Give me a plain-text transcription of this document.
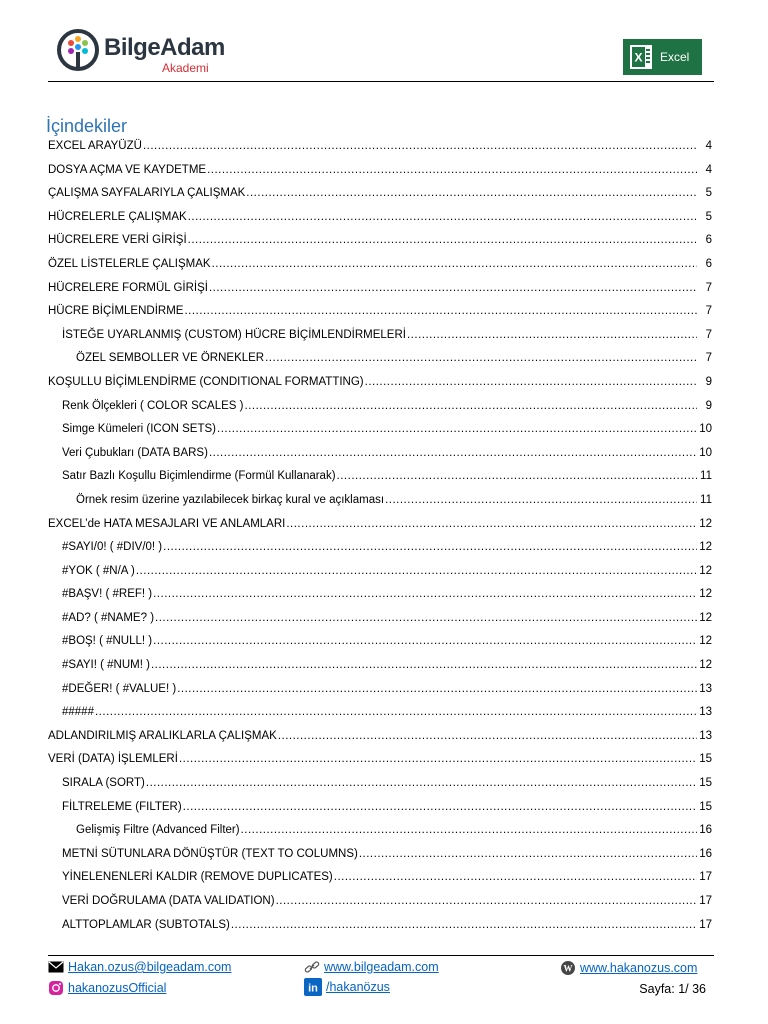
BilgeAdam
Akademi
X Excel
İçindekiler
EXCEL ARAYÜZÜ .....	4
DOSYA AÇMA VE KAYDETME .....	4
ÇALIŞMA SAYFALARIYLA ÇALIŞMAK .....	5
HÜCRELERLE ÇALIŞMAK .....	5
HÜCRELERE VERİ GİRİŞİ .....	6
ÖZEL LİSTELERLE ÇALIŞMAK .....	6
HÜCRELERE FORMÜL GİRİŞİ .....	7
HÜCRE BİÇİMLENDİRME .....	7
İSTEĞE UYARLANMIŞ (CUSTOM) HÜCRE BİÇİMLENDİRMELERİ .....	7
ÖZEL SEMBOLLER VE ÖRNEKLER .....	7
KOŞULLU BİÇİMLENDİRME (CONDITIONAL FORMATTING) .....	9
Renk Ölçekleri ( COLOR SCALES ) .....	9
Simge Kümeleri (ICON SETS) .....	10
Veri Çubukları (DATA BARS) .....	10
Satır Bazlı Koşullu Biçimlendirme (Formül Kullanarak) .....	11
Örnek resim üzerine yazılabilecek birkaç kural ve açıklaması .....	11
EXCEL’de HATA MESAJLARI VE ANLAMLARI .....	12
#SAYI/0! ( #DIV/0! ) .....	12
#YOK ( #N/A ) .....	12
#BAŞV! ( #REF! ) .....	12
#AD? ( #NAME? ) .....	12
#BOŞ! ( #NULL! ) .....	12
#SAYI! ( #NUM! ) .....	12
#DEĞER! ( #VALUE! ) .....	13
##### .....	13
ADLANDIRILMIŞ ARALIKLARLA ÇALIŞMAK .....	13
VERİ (DATA) İŞLEMLERİ .....	15
SIRALA (SORT) .....	15
FİLTRELEME (FILTER) .....	15
Gelişmiş Filtre (Advanced Filter) .....	16
METNİ SÜTUNLARA DÖNÜŞTÜR (TEXT TO COLUMNS) .....	16
YİNELENENLERİ KALDIR (REMOVE DUPLICATES) .....	17
VERİ DOĞRULAMA (DATA VALIDATION) .....	17
ALTTOPLAMLAR (SUBTOTALS) .....	17
Hakan.ozus@bilgeadam.com	www.bilgeadam.com	W www.hakanozus.com
hakanozusOfficial	in /hakanözus	Sayfa: 1/ 36
